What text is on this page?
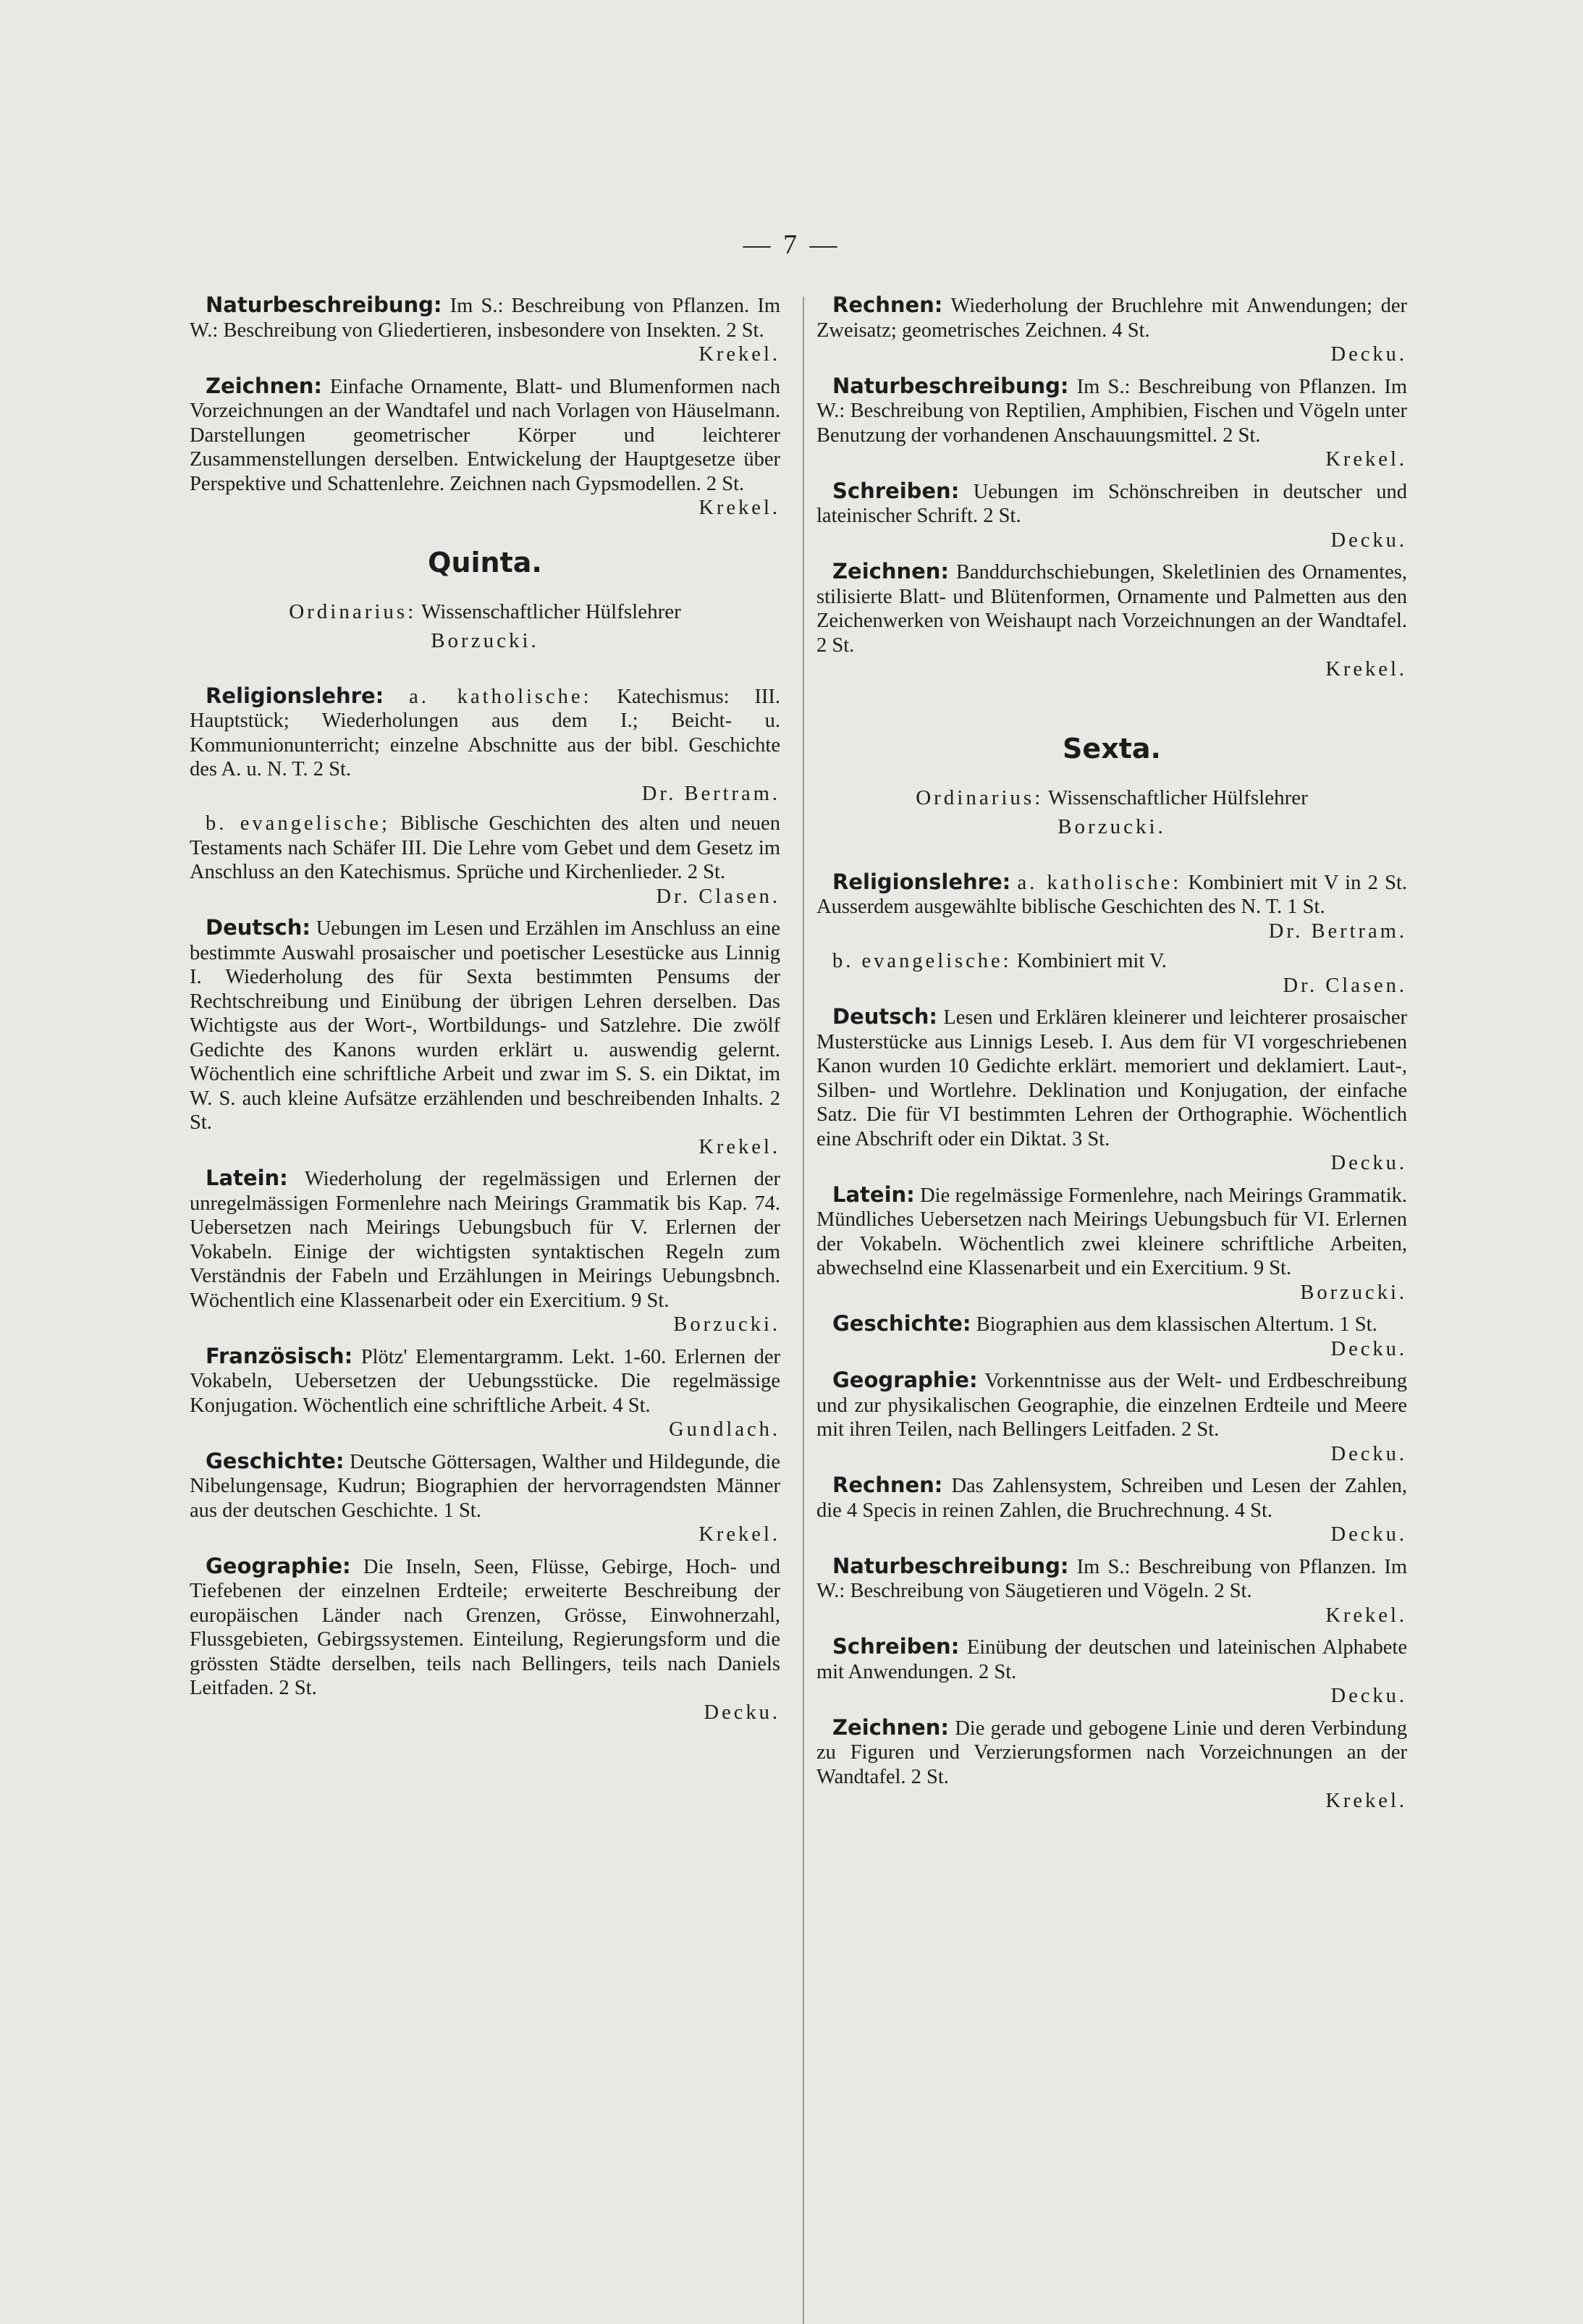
— 7 —

Naturbeschreibung: Im S.: Beschreibung von Pflanzen. Im W.: Beschreibung von Gliedertieren, insbesondere von Insekten. 2 St.
Krekel.

Zeichnen: Einfache Ornamente, Blatt- und Blumenformen nach Vorzeichnungen an der Wandtafel und nach Vorlagen von Häuselmann. Darstellungen geometrischer Körper und leichterer Zusammenstellungen derselben. Entwickelung der Hauptgesetze über Perspektive und Schattenlehre. Zeichnen nach Gypsmodellen. 2 St.
Krekel.

Quinta.
Ordinarius: Wissenschaftlicher Hülfslehrer
Borzucki.

Religionslehre: a. katholische: Katechismus: III. Hauptstück; Wiederholungen aus dem I.; Beicht- u. Kommunionunterricht; einzelne Abschnitte aus der bibl. Geschichte des A. u. N. T. 2 St.
Dr. Bertram.

b. evangelische; Biblische Geschichten des alten und neuen Testaments nach Schäfer III. Die Lehre vom Gebet und dem Gesetz im Anschluss an den Katechismus. Sprüche und Kirchenlieder. 2 St.
Dr. Clasen.

Deutsch: Uebungen im Lesen und Erzählen im Anschluss an eine bestimmte Auswahl prosaischer und poetischer Lesestücke aus Linnig I. Wiederholung des für Sexta bestimmten Pensums der Rechtschreibung und Einübung der übrigen Lehren derselben. Das Wichtigste aus der Wort-, Wortbildungs- und Satzlehre. Die zwölf Gedichte des Kanons wurden erklärt u. auswendig gelernt. Wöchentlich eine schriftliche Arbeit und zwar im S. S. ein Diktat, im W. S. auch kleine Aufsätze erzählenden und beschreibenden Inhalts. 2 St.
Krekel.

Latein: Wiederholung der regelmässigen und Erlernen der unregelmässigen Formenlehre nach Meirings Grammatik bis Kap. 74. Uebersetzen nach Meirings Uebungsbuch für V. Erlernen der Vokabeln. Einige der wichtigsten syntaktischen Regeln zum Verständnis der Fabeln und Erzählungen in Meirings Uebungsbnch. Wöchentlich eine Klassenarbeit oder ein Exercitium. 9 St.
Borzucki.

Französisch: Plötz' Elementargramm. Lekt. 1-60. Erlernen der Vokabeln, Uebersetzen der Uebungsstücke. Die regelmässige Konjugation. Wöchentlich eine schriftliche Arbeit. 4 St.
Gundlach.

Geschichte: Deutsche Göttersagen, Walther und Hildegunde, die Nibelungensage, Kudrun; Biographien der hervorragendsten Männer aus der deutschen Geschichte. 1 St.
Krekel.

Geographie: Die Inseln, Seen, Flüsse, Gebirge, Hoch- und Tiefebenen der einzelnen Erdteile; erweiterte Beschreibung der europäischen Länder nach Grenzen, Grösse, Einwohnerzahl, Flussgebieten, Gebirgssystemen. Einteilung, Regierungsform und die grössten Städte derselben, teils nach Bellingers, teils nach Daniels Leitfaden. 2 St.
Decku.

Rechnen: Wiederholung der Bruchlehre mit Anwendungen; der Zweisatz; geometrisches Zeichnen. 4 St.
Decku.

Naturbeschreibung: Im S.: Beschreibung von Pflanzen. Im W.: Beschreibung von Reptilien, Amphibien, Fischen und Vögeln unter Benutzung der vorhandenen Anschauungsmittel. 2 St.
Krekel.

Schreiben: Uebungen im Schönschreiben in deutscher und lateinischer Schrift. 2 St.
Decku.

Zeichnen: Banddurchschiebungen, Skeletlinien des Ornamentes, stilisierte Blatt- und Blütenformen, Ornamente und Palmetten aus den Zeichenwerken von Weishaupt nach Vorzeichnungen an der Wandtafel. 2 St.
Krekel.

Sexta.
Ordinarius: Wissenschaftlicher Hülfslehrer
Borzucki.

Religionslehre: a. katholische: Kombiniert mit V in 2 St. Ausserdem ausgewählte biblische Geschichten des N. T. 1 St.
Dr. Bertram.

b. evangelische: Kombiniert mit V.
Dr. Clasen.

Deutsch: Lesen und Erklären kleinerer und leichterer prosaischer Musterstücke aus Linnigs Leseb. I. Aus dem für VI vorgeschriebenen Kanon wurden 10 Gedichte erklärt. memoriert und deklamiert. Laut-, Silben- und Wortlehre. Deklination und Konjugation, der einfache Satz. Die für VI bestimmten Lehren der Orthographie. Wöchentlich eine Abschrift oder ein Diktat. 3 St.
Decku.

Latein: Die regelmässige Formenlehre, nach Meirings Grammatik. Mündliches Uebersetzen nach Meirings Uebungsbuch für VI. Erlernen der Vokabeln. Wöchentlich zwei kleinere schriftliche Arbeiten, abwechselnd eine Klassenarbeit und ein Exercitium. 9 St.
Borzucki.

Geschichte: Biographien aus dem klassischen Altertum. 1 St.
Decku.

Geographie: Vorkenntnisse aus der Welt- und Erdbeschreibung und zur physikalischen Geographie, die einzelnen Erdteile und Meere mit ihren Teilen, nach Bellingers Leitfaden. 2 St.
Decku.

Rechnen: Das Zahlensystem, Schreiben und Lesen der Zahlen, die 4 Specis in reinen Zahlen, die Bruchrechnung. 4 St.
Decku.

Naturbeschreibung: Im S.: Beschreibung von Pflanzen. Im W.: Beschreibung von Säugetieren und Vögeln. 2 St.
Krekel.

Schreiben: Einübung der deutschen und lateinischen Alphabete mit Anwendungen. 2 St.
Decku.

Zeichnen: Die gerade und gebogene Linie und deren Verbindung zu Figuren und Verzierungsformen nach Vorzeichnungen an der Wandtafel. 2 St.
Krekel.
